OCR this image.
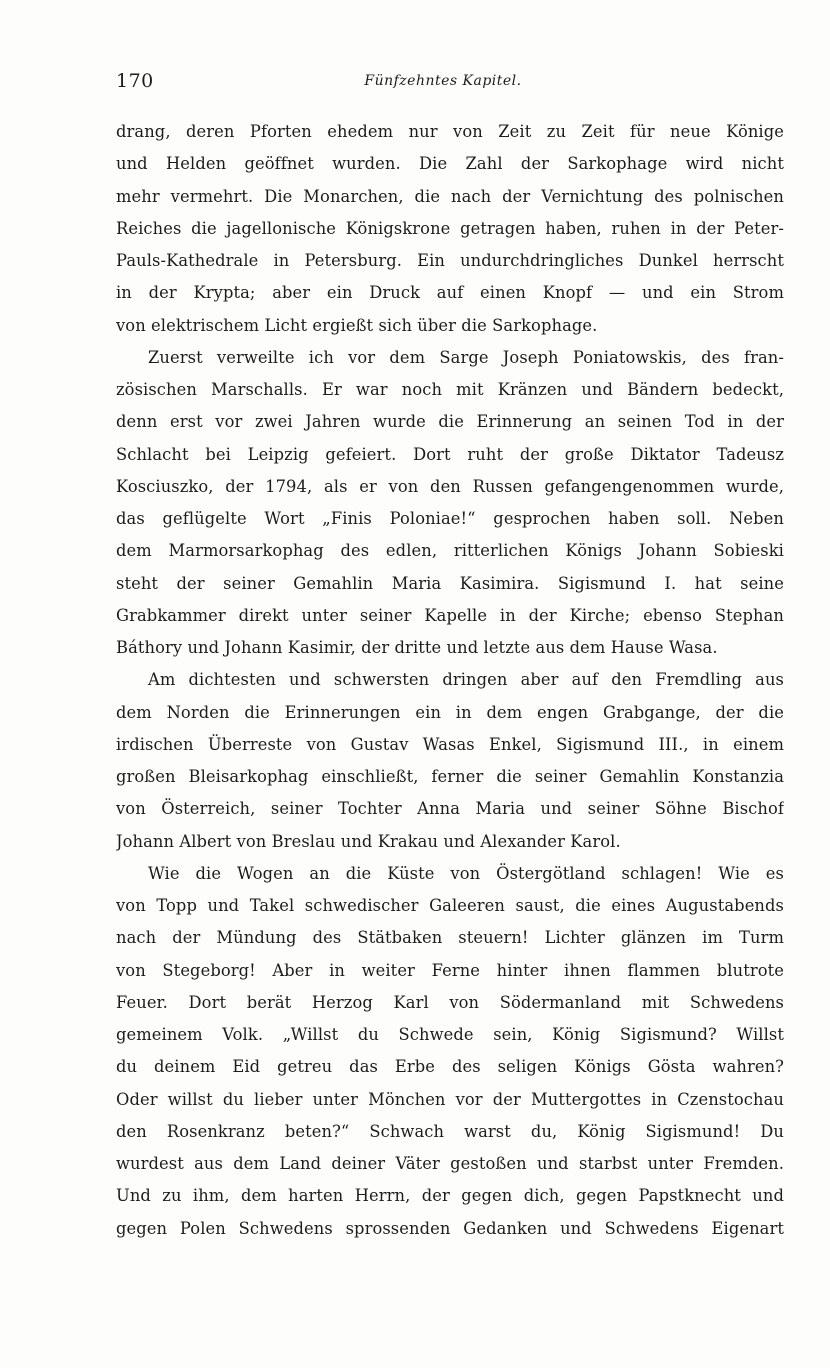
170	Fünfzehntes Kapitel.
drang, deren Pforten ehedem nur von Zeit zu Zeit für neue Könige
und Helden geöffnet wurden. Die Zahl der Sarkophage wird nicht
mehr vermehrt. Die Monarchen, die nach der Vernichtung des polnischen
Reiches die jagellonische Königskrone getragen haben, ruhen in der Peter-
Pauls-Kathedrale in Petersburg. Ein undurchdringliches Dunkel herrscht
in der Krypta; aber ein Druck auf einen Knopf — und ein Strom
von elektrischem Licht ergießt sich über die Sarkophage.
Zuerst verweilte ich vor dem Sarge Joseph Poniatowskis, des fran-
zösischen Marschalls. Er war noch mit Kränzen und Bändern bedeckt,
denn erst vor zwei Jahren wurde die Erinnerung an seinen Tod in der
Schlacht bei Leipzig gefeiert. Dort ruht der große Diktator Tadeusz
Kosciuszko, der 1794, als er von den Russen gefangengenommen wurde,
das geflügelte Wort „Finis Poloniae!“ gesprochen haben soll. Neben
dem Marmorsarkophag des edlen, ritterlichen Königs Johann Sobieski
steht der seiner Gemahlin Maria Kasimira. Sigismund I. hat seine
Grabkammer direkt unter seiner Kapelle in der Kirche; ebenso Stephan
Báthory und Johann Kasimir, der dritte und letzte aus dem Hause Wasa.
Am dichtesten und schwersten dringen aber auf den Fremdling aus
dem Norden die Erinnerungen ein in dem engen Grabgange, der die
irdischen Überreste von Gustav Wasas Enkel, Sigismund III., in einem
großen Bleisarkophag einschließt, ferner die seiner Gemahlin Konstanzia
von Österreich, seiner Tochter Anna Maria und seiner Söhne Bischof
Johann Albert von Breslau und Krakau und Alexander Karol.
Wie die Wogen an die Küste von Östergötland schlagen! Wie es
von Topp und Takel schwedischer Galeeren saust, die eines Augustabends
nach der Mündung des Stätbaken steuern! Lichter glänzen im Turm
von Stegeborg! Aber in weiter Ferne hinter ihnen flammen blutrote
Feuer. Dort berät Herzog Karl von Södermanland mit Schwedens
gemeinem Volk. „Willst du Schwede sein, König Sigismund? Willst
du deinem Eid getreu das Erbe des seligen Königs Gösta wahren?
Oder willst du lieber unter Mönchen vor der Muttergottes in Czenstochau
den Rosenkranz beten?“ Schwach warst du, König Sigismund! Du
wurdest aus dem Land deiner Väter gestoßen und starbst unter Fremden.
Und zu ihm, dem harten Herrn, der gegen dich, gegen Papstknecht und
gegen Polen Schwedens sprossenden Gedanken und Schwedens Eigenart
